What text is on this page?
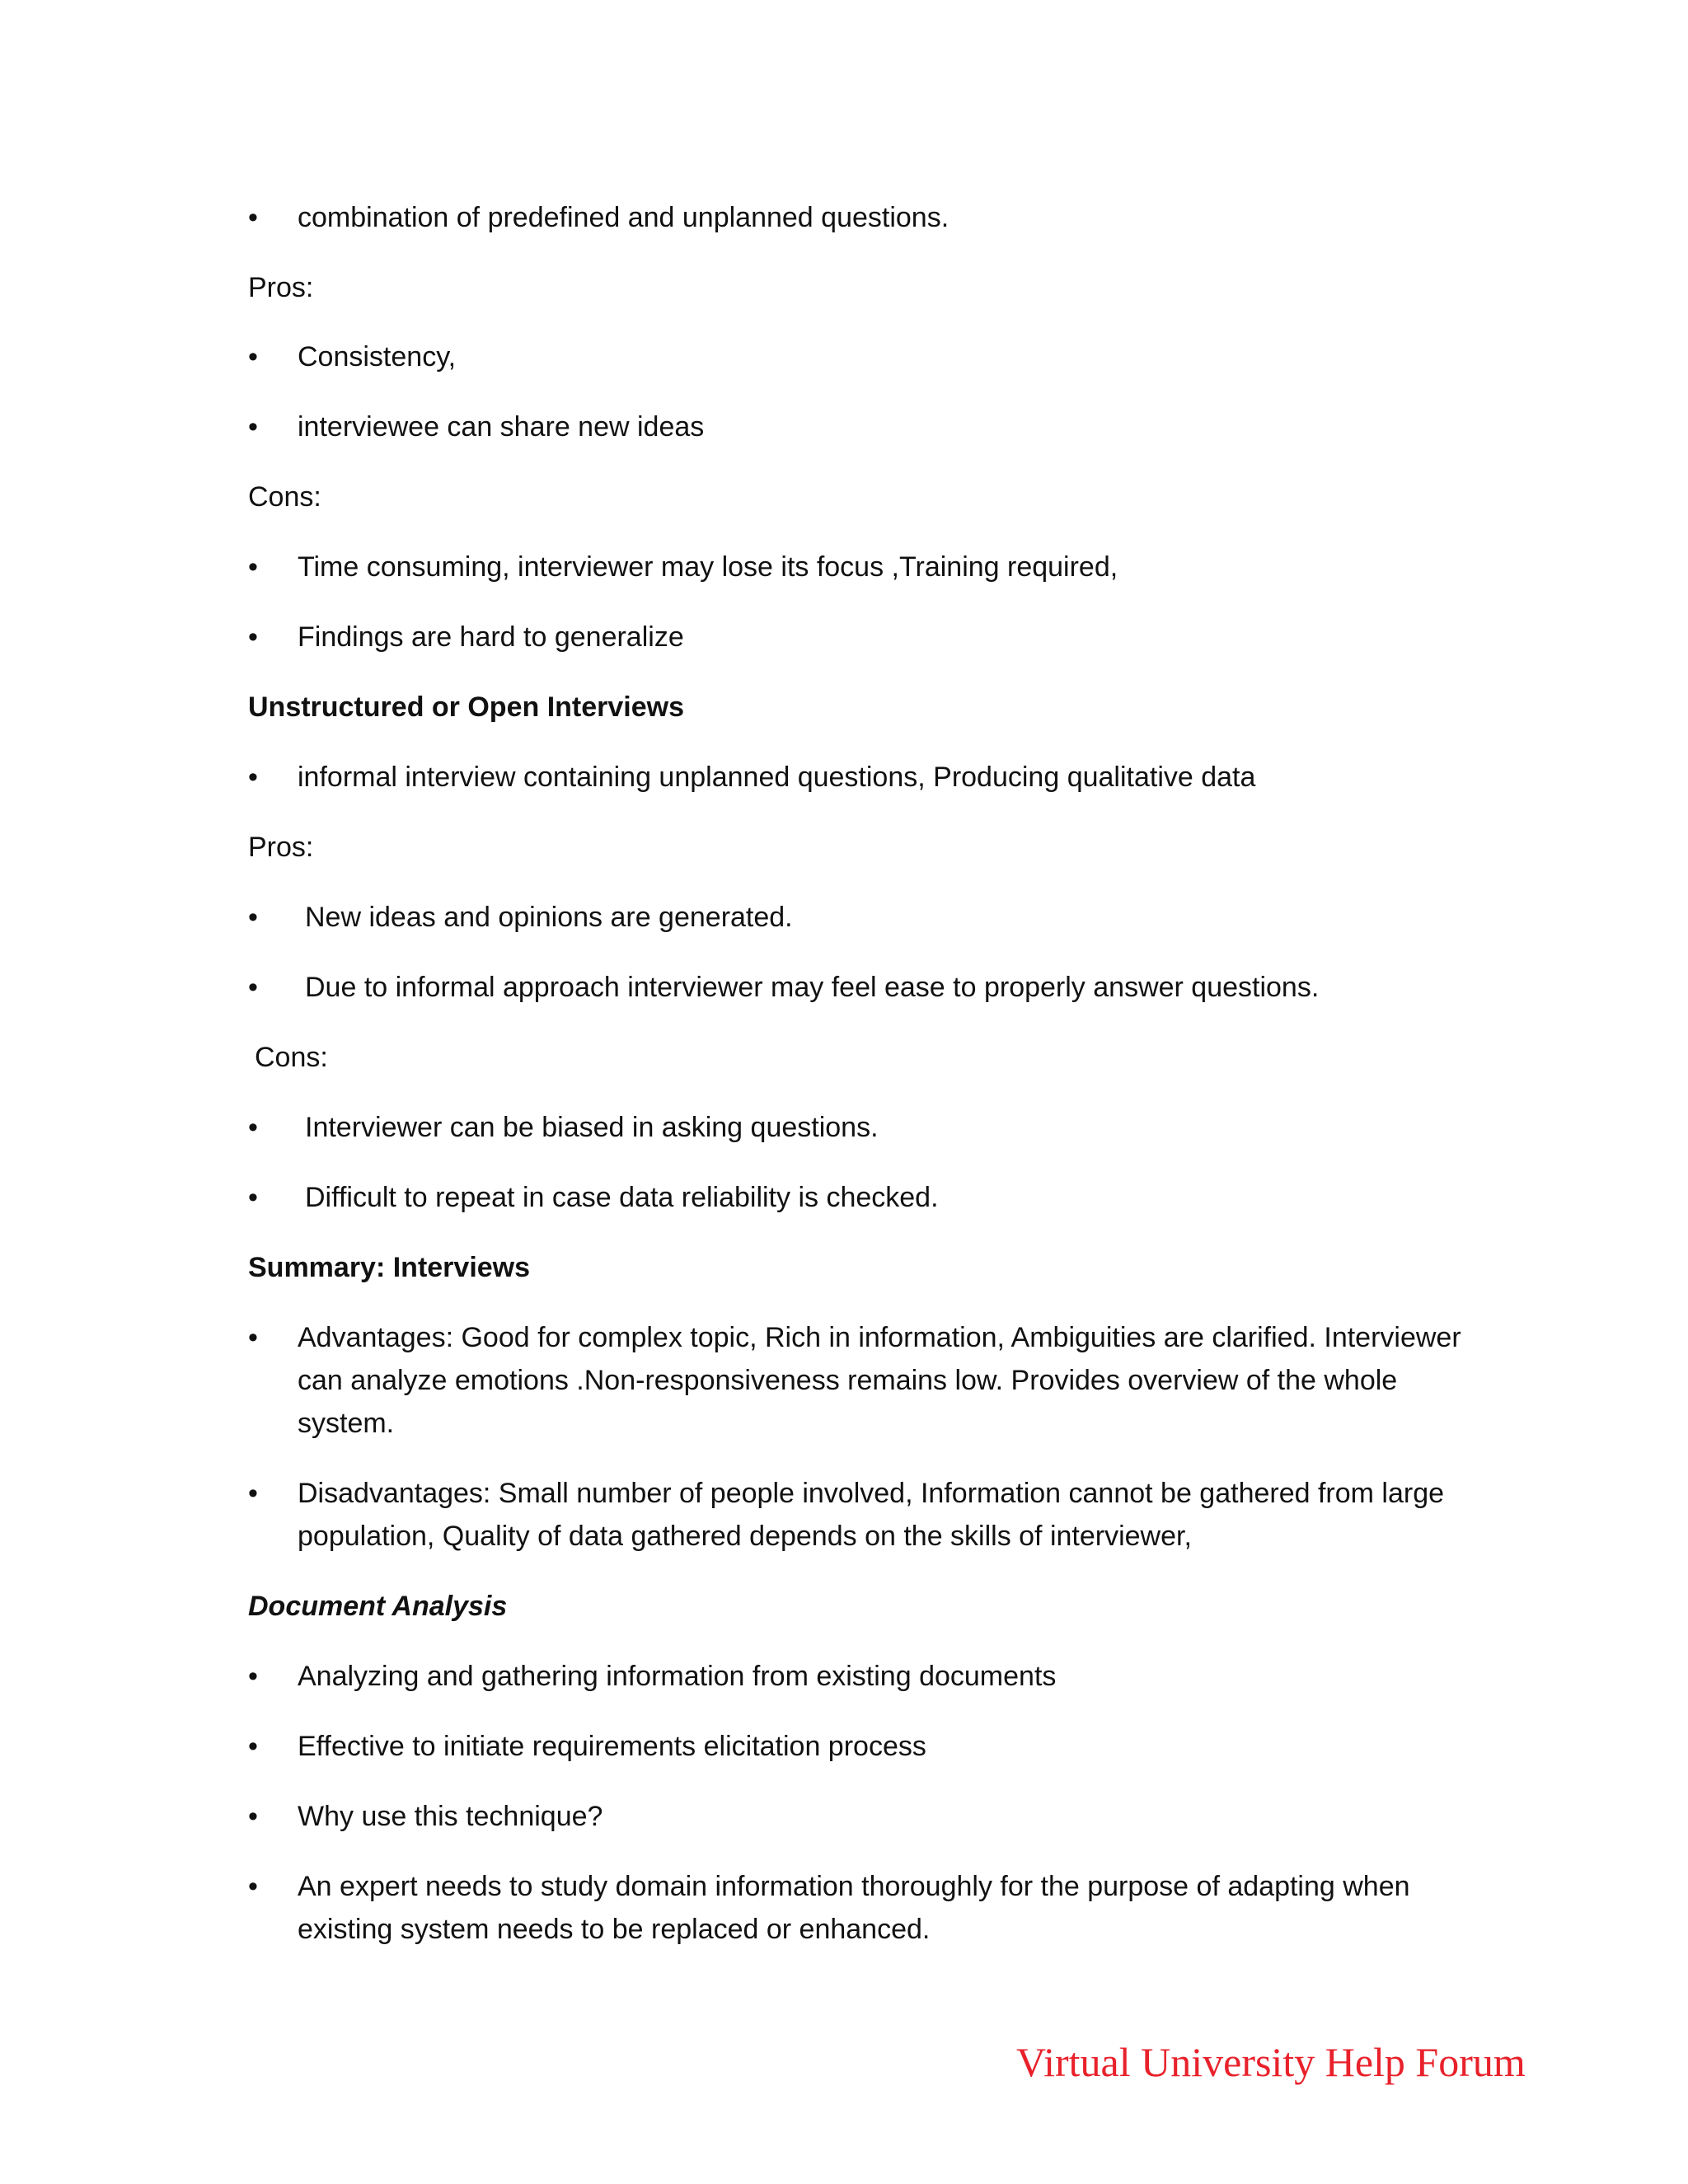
•	combination of predefined and unplanned questions.
Pros:
•	Consistency,
•	interviewee can share new ideas
Cons:
•	Time consuming, interviewer may lose its focus ,Training required,
•	Findings are hard to generalize
Unstructured or Open Interviews
•	informal interview containing unplanned questions, Producing qualitative data
Pros:
•	New ideas and opinions are generated.
•	Due to informal approach interviewer may feel ease to properly answer questions.
Cons:
•	Interviewer can be biased in asking questions.
•	Difficult to repeat in case data reliability is checked.
Summary: Interviews
•	Advantages: Good for complex topic, Rich in information, Ambiguities are clarified. Interviewer can analyze emotions .Non-responsiveness remains low. Provides overview of the whole system.
•	Disadvantages: Small number of people involved, Information cannot be gathered from large population, Quality of data gathered depends on the skills of interviewer,
Document Analysis
•	Analyzing and gathering information from existing documents
•	Effective to initiate requirements elicitation process
•	Why use this technique?
•	An expert needs to study domain information thoroughly for the purpose of adapting when existing system needs to be replaced or enhanced.
Virtual University Help Forum
